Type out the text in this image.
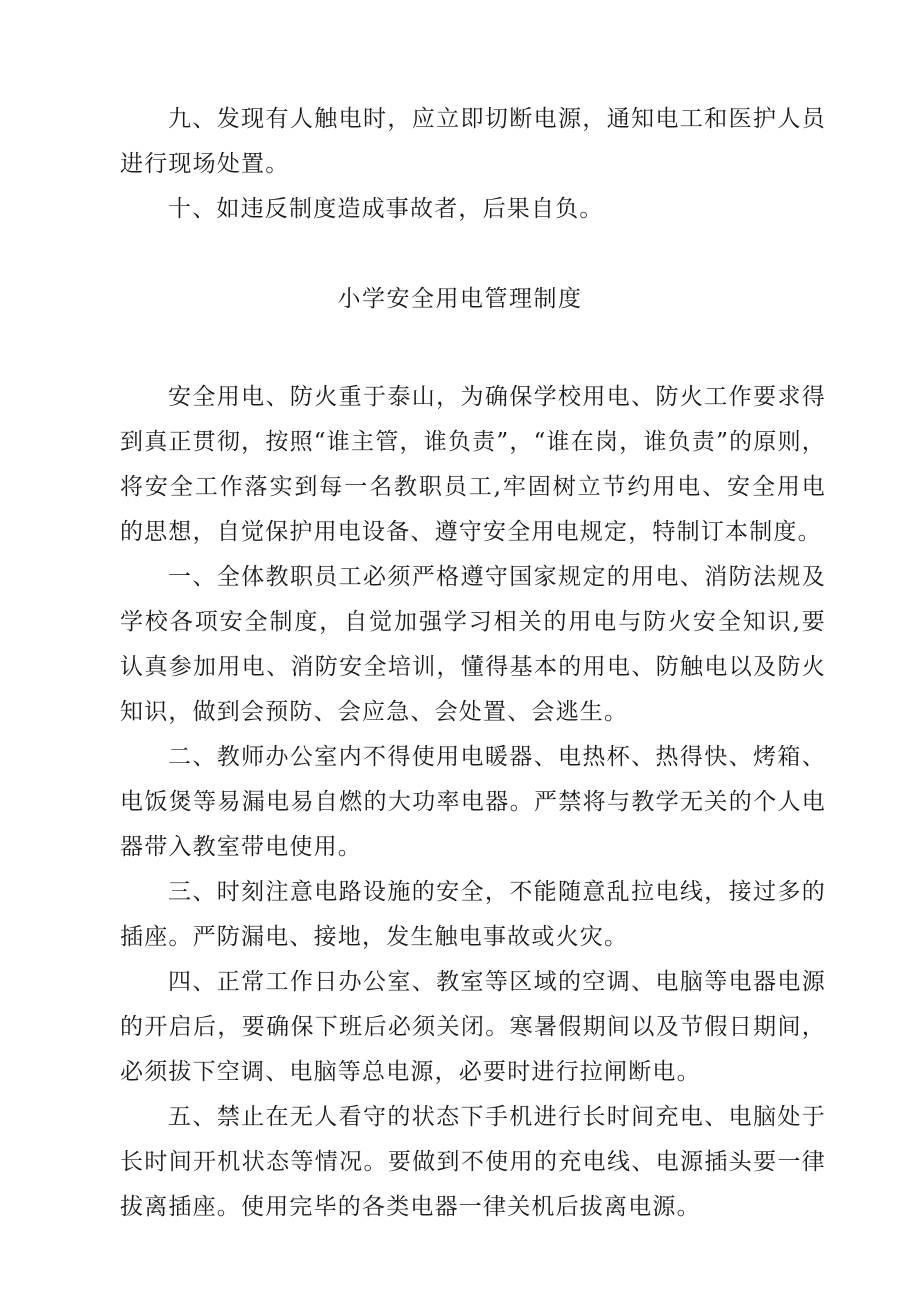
九、发现有人触电时，应立即切断电源，通知电工和医护人员进行现场处置。

十、如违反制度造成事故者，后果自负。

小学安全用电管理制度

安全用电、防火重于泰山，为确保学校用电、防火工作要求得到真正贯彻，按照“谁主管，谁负责”，“谁在岗，谁负责”的原则，将安全工作落实到每一名教职员工,牢固树立节约用电、安全用电的思想，自觉保护用电设备、遵守安全用电规定，特制订本制度。

一、全体教职员工必须严格遵守国家规定的用电、消防法规及学校各项安全制度，自觉加强学习相关的用电与防火安全知识,要认真参加用电、消防安全培训，懂得基本的用电、防触电以及防火知识，做到会预防、会应急、会处置、会逃生。

二、教师办公室内不得使用电暖器、电热杯、热得快、烤箱、电饭煲等易漏电易自燃的大功率电器。严禁将与教学无关的个人电器带入教室带电使用。

三、时刻注意电路设施的安全，不能随意乱拉电线，接过多的插座。严防漏电、接地，发生触电事故或火灾。

四、正常工作日办公室、教室等区域的空调、电脑等电器电源的开启后，要确保下班后必须关闭。寒暑假期间以及节假日期间，必须拔下空调、电脑等总电源，必要时进行拉闸断电。

五、禁止在无人看守的状态下手机进行长时间充电、电脑处于长时间开机状态等情况。要做到不使用的充电线、电源插头要一律拔离插座。使用完毕的各类电器一律关机后拔离电源。
